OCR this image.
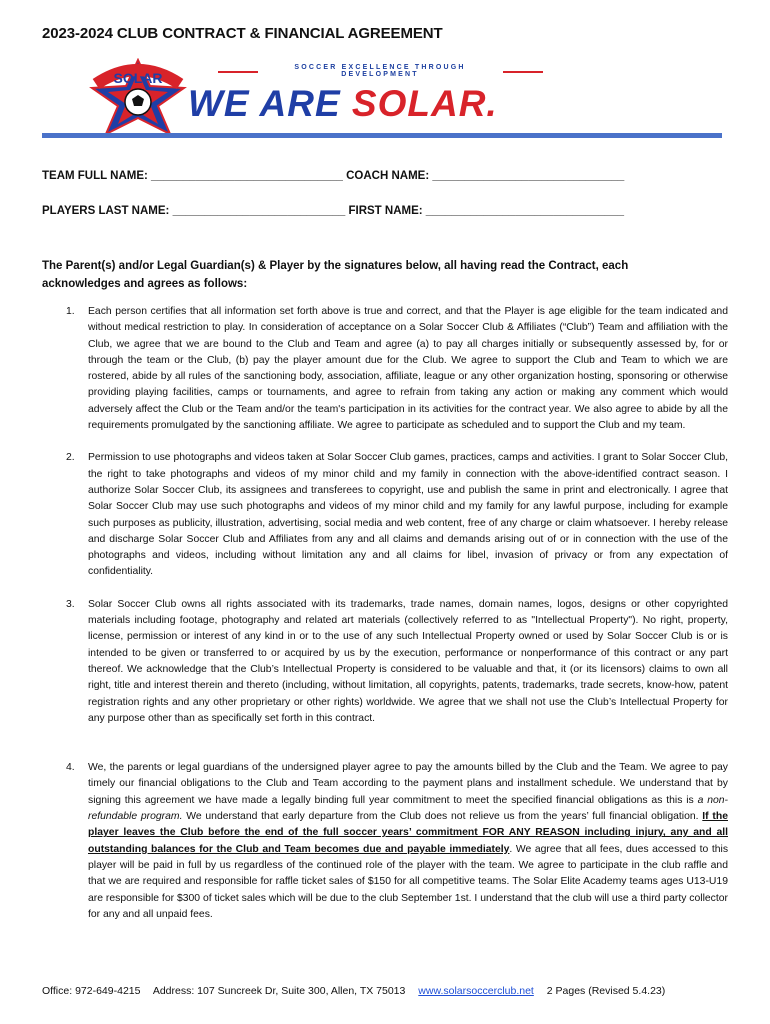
2023-2024 CLUB CONTRACT & FINANCIAL AGREEMENT
SOLAR
SOCCER EXCELLENCE THROUGH DEVELOPMENT
WE ARE SOLAR.
TEAM FULL NAME: ______________________________ COACH NAME: ______________________________
PLAYERS LAST NAME: ___________________________ FIRST NAME: _______________________________
The Parent(s) and/or Legal Guardian(s) & Player by the signatures below, all having read the Contract, each acknowledges and agrees as follows:
1. Each person certifies that all information set forth above is true and correct, and that the Player is age eligible for the team indicated and without medical restriction to play. In consideration of acceptance on a Solar Soccer Club & Affiliates (“Club”) Team and affiliation with the Club, we agree that we are bound to the Club and Team and agree (a) to pay all charges initially or subsequently assessed by, for or through the team or the Club, (b) pay the player amount due for the Club. We agree to support the Club and Team to which we are rostered, abide by all rules of the sanctioning body, association, affiliate, league or any other organization hosting, sponsoring or otherwise providing playing facilities, camps or tournaments, and agree to refrain from taking any action or making any comment which would adversely affect the Club or the Team and/or the team's participation in its activities for the contract year. We also agree to abide by all the requirements promulgated by the sanctioning affiliate. We agree to participate as scheduled and to support the Club and my team.
2. Permission to use photographs and videos taken at Solar Soccer Club games, practices, camps and activities. I grant to Solar Soccer Club, the right to take photographs and videos of my minor child and my family in connection with the above-identified contract season. I authorize Solar Soccer Club, its assignees and transferees to copyright, use and publish the same in print and electronically. I agree that Solar Soccer Club may use such photographs and videos of my minor child and my family for any lawful purpose, including for example such purposes as publicity, illustration, advertising, social media and web content, free of any charge or claim whatsoever. I hereby release and discharge Solar Soccer Club and Affiliates from any and all claims and demands arising out of or in connection with the use of the photographs and videos, including without limitation any and all claims for libel, invasion of privacy or from any expectation of confidentiality.
3. Solar Soccer Club owns all rights associated with its trademarks, trade names, domain names, logos, designs or other copyrighted materials including footage, photography and related art materials (collectively referred to as "Intellectual Property"). No right, property, license, permission or interest of any kind in or to the use of any such Intellectual Property owned or used by Solar Soccer Club is or is intended to be given or transferred to or acquired by us by the execution, performance or nonperformance of this contract or any part thereof. We acknowledge that the Club’s Intellectual Property is considered to be valuable and that, it (or its licensors) claims to own all right, title and interest therein and thereto (including, without limitation, all copyrights, patents, trademarks, trade secrets, know-how, patent registration rights and any other proprietary or other rights) worldwide. We agree that we shall not use the Club’s Intellectual Property for any purpose other than as specifically set forth in this contract.
4. We, the parents or legal guardians of the undersigned player agree to pay the amounts billed by the Club and the Team. We agree to pay timely our financial obligations to the Club and Team according to the payment plans and installment schedule. We understand that by signing this agreement we have made a legally binding full year commitment to meet the specified financial obligations as this is a non-refundable program. We understand that early departure from the Club does not relieve us from the years’ full financial obligation. If the player leaves the Club before the end of the full soccer years’ commitment FOR ANY REASON including injury, any and all outstanding balances for the Club and Team becomes due and payable immediately. We agree that all fees, dues accessed to this player will be paid in full by us regardless of the continued role of the player with the team. We agree to participate in the club raffle and that we are required and responsible for raffle ticket sales of $150 for all competitive teams. The Solar Elite Academy teams ages U13-U19 are responsible for $300 of ticket sales which will be due to the club September 1st. I understand that the club will use a third party collector for any and all unpaid fees.
Office: 972-649-4215 Address: 107 Suncreek Dr, Suite 300, Allen, TX 75013 www.solarsoccerclub.net 2 Pages (Revised 5.4.23)
